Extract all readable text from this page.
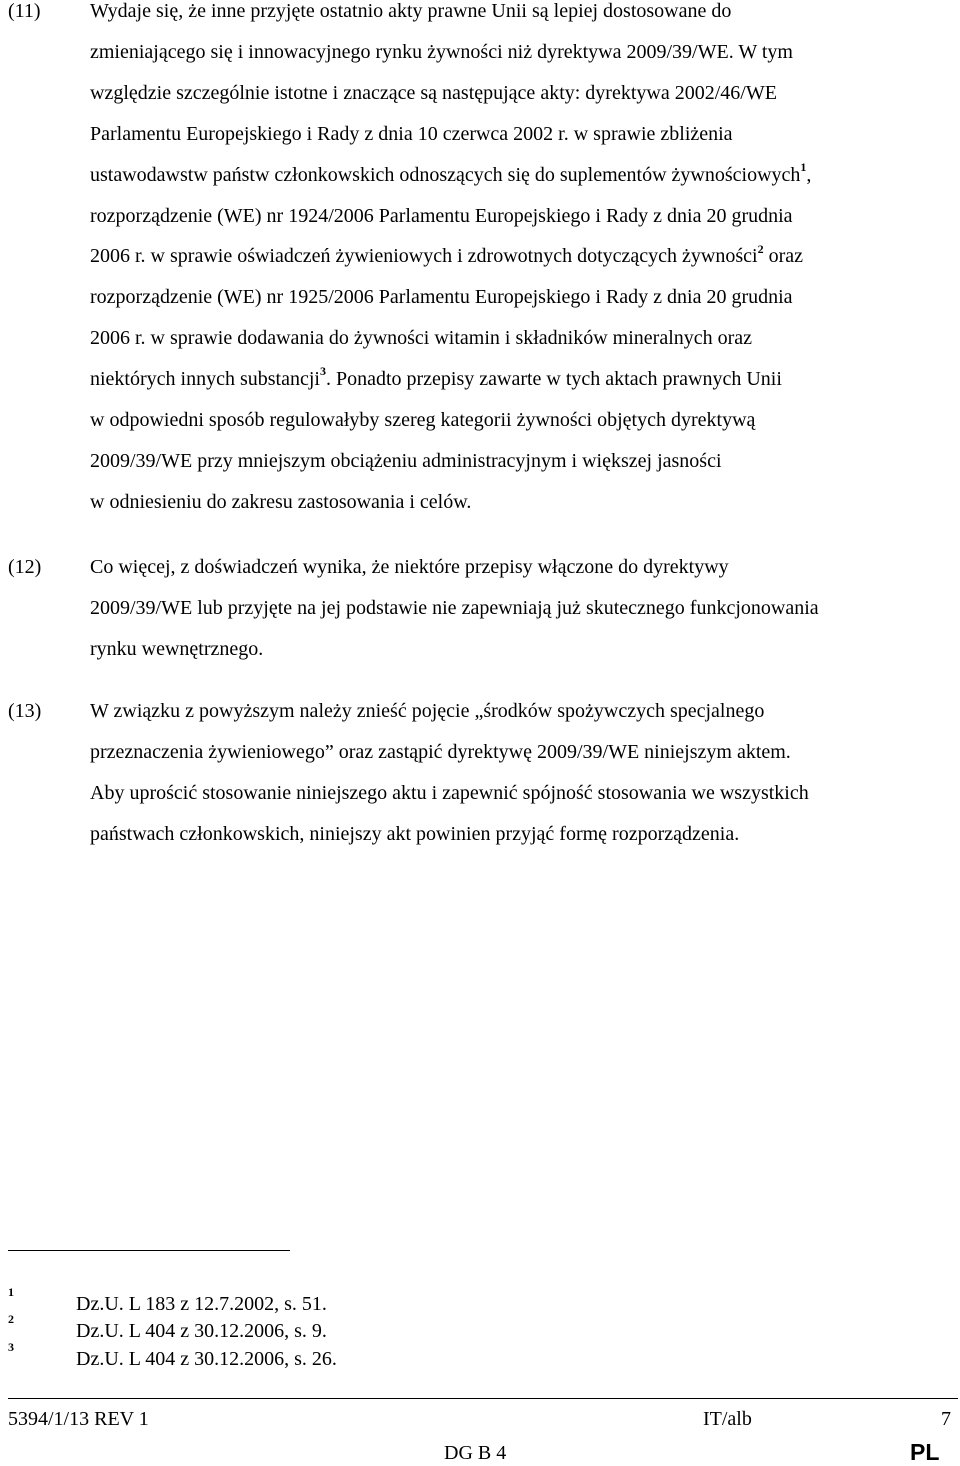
(11) Wydaje się, że inne przyjęte ostatnio akty prawne Unii są lepiej dostosowane do
zmieniającego się i innowacyjnego rynku żywności niż dyrektywa 2009/39/WE. W tym
względzie szczególnie istotne i znaczące są następujące akty: dyrektywa 2002/46/WE
Parlamentu Europejskiego i Rady z dnia 10 czerwca 2002 r. w sprawie zbliżenia
ustawodawstw państw członkowskich odnoszących się do suplementów żywnościowych$^1$,
rozporządzenie (WE) nr 1924/2006 Parlamentu Europejskiego i Rady z dnia 20 grudnia
2006 r. w sprawie oświadczeń żywieniowych i zdrowotnych dotyczących żywności$^2$ oraz
rozporządzenie (WE) nr 1925/2006 Parlamentu Europejskiego i Rady z dnia 20 grudnia
2006 r. w sprawie dodawania do żywności witamin i składników mineralnych oraz
niektórych innych substancji$^3$. Ponadto przepisy zawarte w tych aktach prawnych Unii
w odpowiedni sposób regulowałyby szereg kategorii żywności objętych dyrektywą
2009/39/WE przy mniejszym obciążeniu administracyjnym i większej jasności
w odniesieniu do zakresu zastosowania i celów.
(12) Co więcej, z doświadczeń wynika, że niektóre przepisy włączone do dyrektywy
2009/39/WE lub przyjęte na jej podstawie nie zapewniają już skutecznego funkcjonowania
rynku wewnętrznego.
(13) W związku z powyższym należy znieść pojęcie „środków spożywczych specjalnego
przeznaczenia żywieniowego” oraz zastąpić dyrektywę 2009/39/WE niniejszym aktem.
Aby uprościć stosowanie niniejszego aktu i zapewnić spójność stosowania we wszystkich
państwach członkowskich, niniejszy akt powinien przyjąć formę rozporządzenia.
1
Dz.U. L 183 z 12.7.2002, s. 51.
2
Dz.U. L 404 z 30.12.2006, s. 9.
3
Dz.U. L 404 z 30.12.2006, s. 26.
5394/1/13 REV 1	IT/alb	7
DG B 4	PL
